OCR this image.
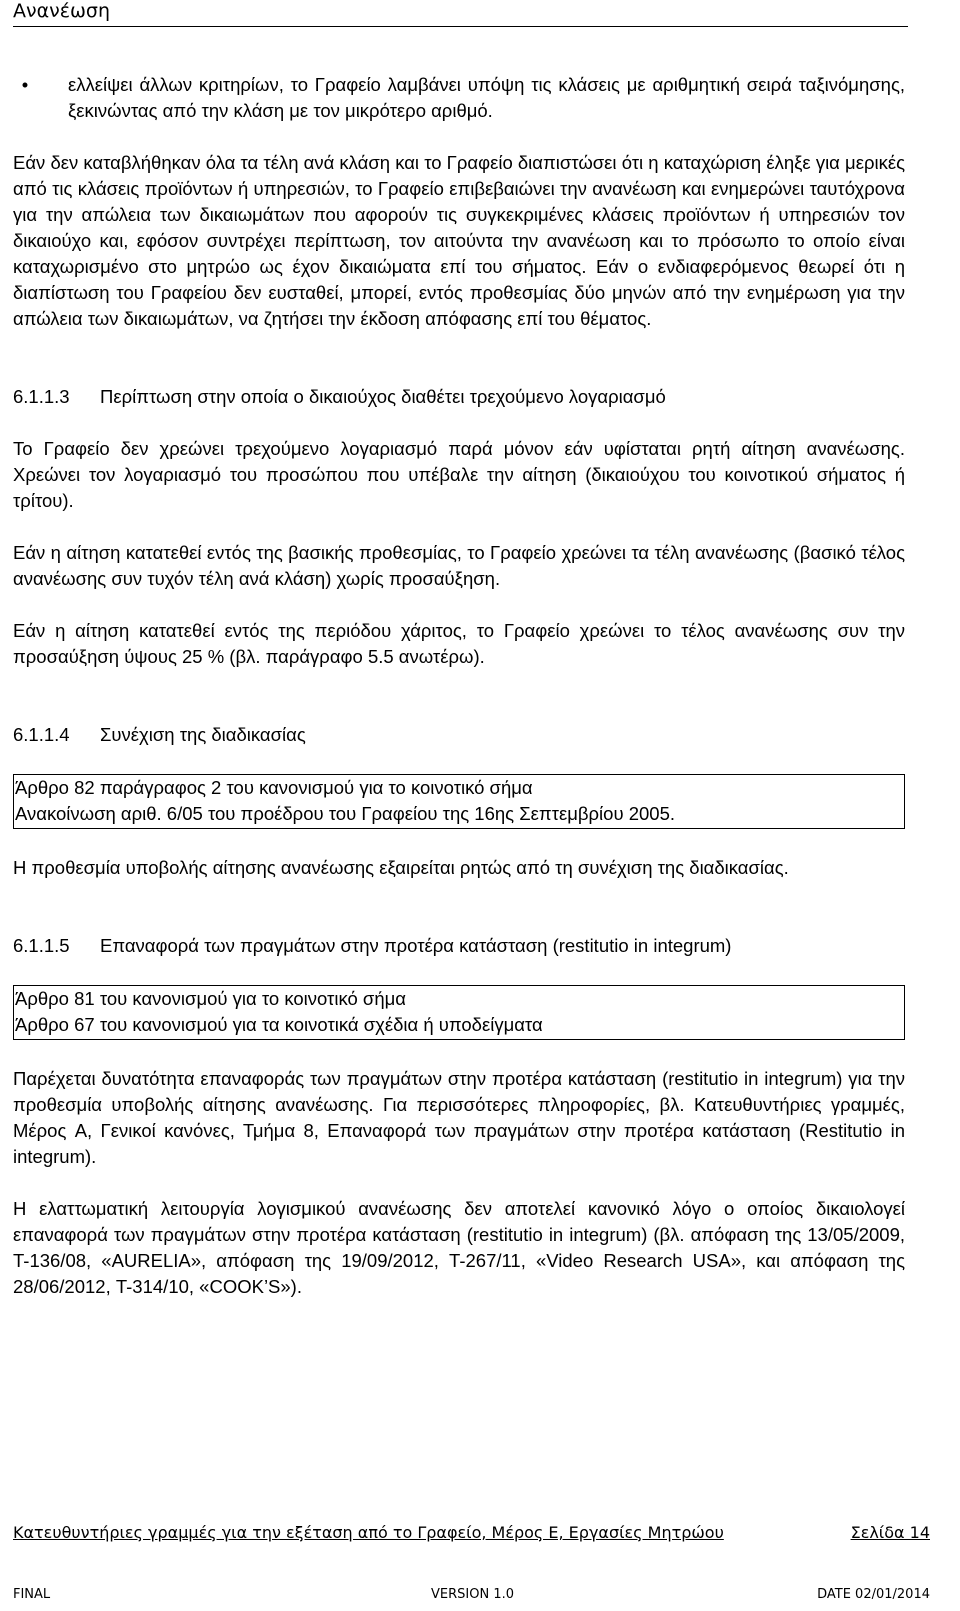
Ανανέωση
•	ελλείψει άλλων κριτηρίων, το Γραφείο λαμβάνει υπόψη τις κλάσεις με αριθμητική σειρά ταξινόμησης, ξεκινώντας από την κλάση με τον μικρότερο αριθμό.

Εάν δεν καταβλήθηκαν όλα τα τέλη ανά κλάση και το Γραφείο διαπιστώσει ότι η καταχώριση έληξε για μερικές από τις κλάσεις προϊόντων ή υπηρεσιών, το Γραφείο επιβεβαιώνει την ανανέωση και ενημερώνει ταυτόχρονα για την απώλεια των δικαιωμάτων που αφορούν τις συγκεκριμένες κλάσεις προϊόντων ή υπηρεσιών τον δικαιούχο και, εφόσον συντρέχει περίπτωση, τον αιτούντα την ανανέωση και το πρόσωπο το οποίο είναι καταχωρισμένο στο μητρώο ως έχον δικαιώματα επί του σήματος. Εάν ο ενδιαφερόμενος θεωρεί ότι η διαπίστωση του Γραφείου δεν ευσταθεί, μπορεί, εντός προθεσμίας δύο μηνών από την ενημέρωση για την απώλεια των δικαιωμάτων, να ζητήσει την έκδοση απόφασης επί του θέματος.

6.1.1.3	Περίπτωση στην οποία ο δικαιούχος διαθέτει τρεχούμενο λογαριασμό

Το Γραφείο δεν χρεώνει τρεχούμενο λογαριασμό παρά μόνον εάν υφίσταται ρητή αίτηση ανανέωσης. Χρεώνει τον λογαριασμό του προσώπου που υπέβαλε την αίτηση (δικαιούχου του κοινοτικού σήματος ή τρίτου).

Εάν η αίτηση κατατεθεί εντός της βασικής προθεσμίας, το Γραφείο χρεώνει τα τέλη ανανέωσης (βασικό τέλος ανανέωσης συν τυχόν τέλη ανά κλάση) χωρίς προσαύξηση.

Εάν η αίτηση κατατεθεί εντός της περιόδου χάριτος, το Γραφείο χρεώνει το τέλος ανανέωσης συν την προσαύξηση ύψους 25 % (βλ. παράγραφο 5.5 ανωτέρω).

6.1.1.4	Συνέχιση της διαδικασίας
Άρθρο 82 παράγραφος 2 του κανονισμού για το κοινοτικό σήμα
Ανακοίνωση αριθ. 6/05 του προέδρου του Γραφείου της 16ης Σεπτεμβρίου 2005.

Η προθεσμία υποβολής αίτησης ανανέωσης εξαιρείται ρητώς από τη συνέχιση της διαδικασίας.

6.1.1.5	Επαναφορά των πραγμάτων στην προτέρα κατάσταση (restitutio in integrum)
Άρθρο 81 του κανονισμού για το κοινοτικό σήμα
Άρθρο 67 του κανονισμού για τα κοινοτικά σχέδια ή υποδείγματα

Παρέχεται δυνατότητα επαναφοράς των πραγμάτων στην προτέρα κατάσταση (restitutio in integrum) για την προθεσμία υποβολής αίτησης ανανέωσης. Για περισσότερες πληροφορίες, βλ. Κατευθυντήριες γραμμές, Μέρος A, Γενικοί κανόνες, Τμήμα 8, Επαναφορά των πραγμάτων στην προτέρα κατάσταση (Restitutio in integrum).

Η ελαττωματική λειτουργία λογισμικού ανανέωσης δεν αποτελεί κανονικό λόγο ο οποίος δικαιολογεί επαναφορά των πραγμάτων στην προτέρα κατάσταση (restitutio in integrum) (βλ. απόφαση της 13/05/2009, T-136/08, «AURELIA», απόφαση της 19/09/2012, T-267/11, «Video Research USA», και απόφαση της 28/06/2012, T-314/10, «COOK’S»).

Κατευθυντήριες γραμμές για την εξέταση από το Γραφείο, Μέρος E, Εργασίες Μητρώου	Σελίδα 14
FINAL	VERSION 1.0	DATE 02/01/2014
